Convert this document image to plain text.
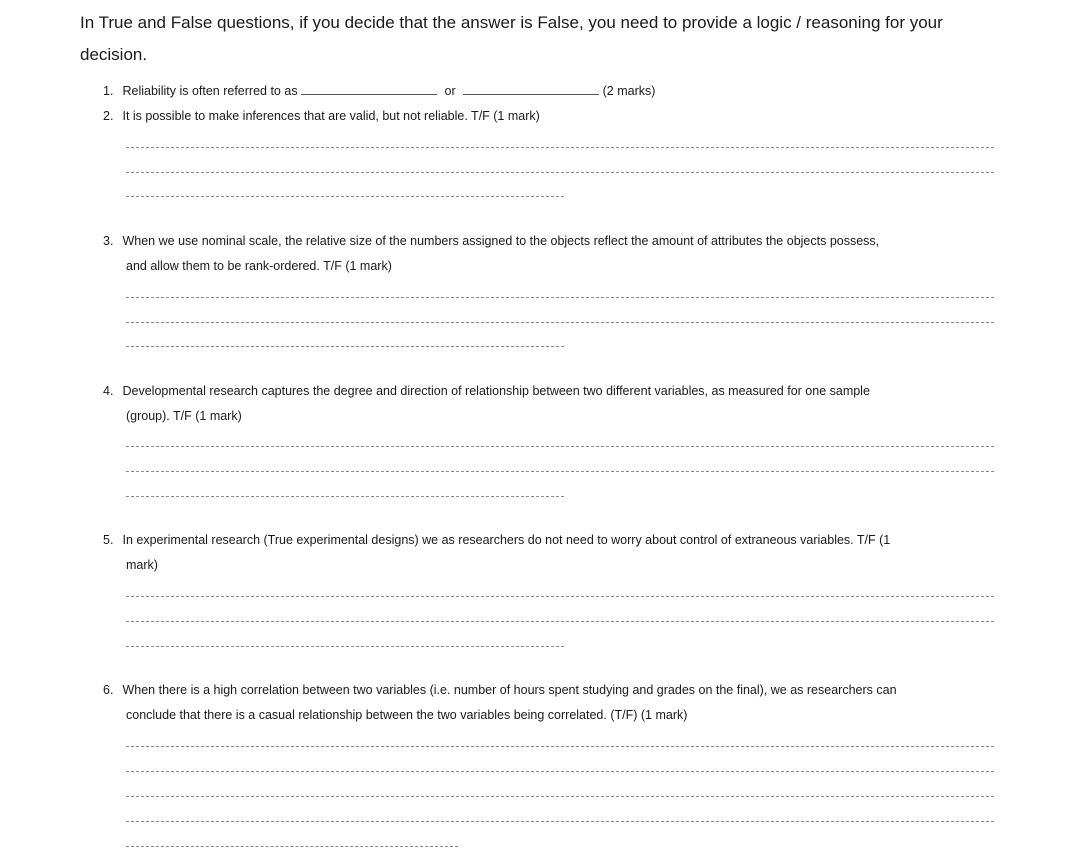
In True and False questions, if you decide that the answer is False, you need to provide a logic / reasoning for your decision.

1. Reliability is often referred to as	or	(2 marks)
2. It is possible to make inferences that are valid, but not reliable. T/F (1 mark)
3. When we use nominal scale, the relative size of the numbers assigned to the objects reflect the amount of attributes the objects possess,
and allow them to be rank-ordered. T/F (1 mark)
4. Developmental research captures the degree and direction of relationship between two different variables, as measured for one sample
(group). T/F (1 mark)
5. In experimental research (True experimental designs) we as researchers do not need to worry about control of extraneous variables. T/F (1
mark)
6. When there is a high correlation between two variables (i.e. number of hours spent studying and grades on the final), we as researchers can
conclude that there is a casual relationship between the two variables being correlated. (T/F) (1 mark)
